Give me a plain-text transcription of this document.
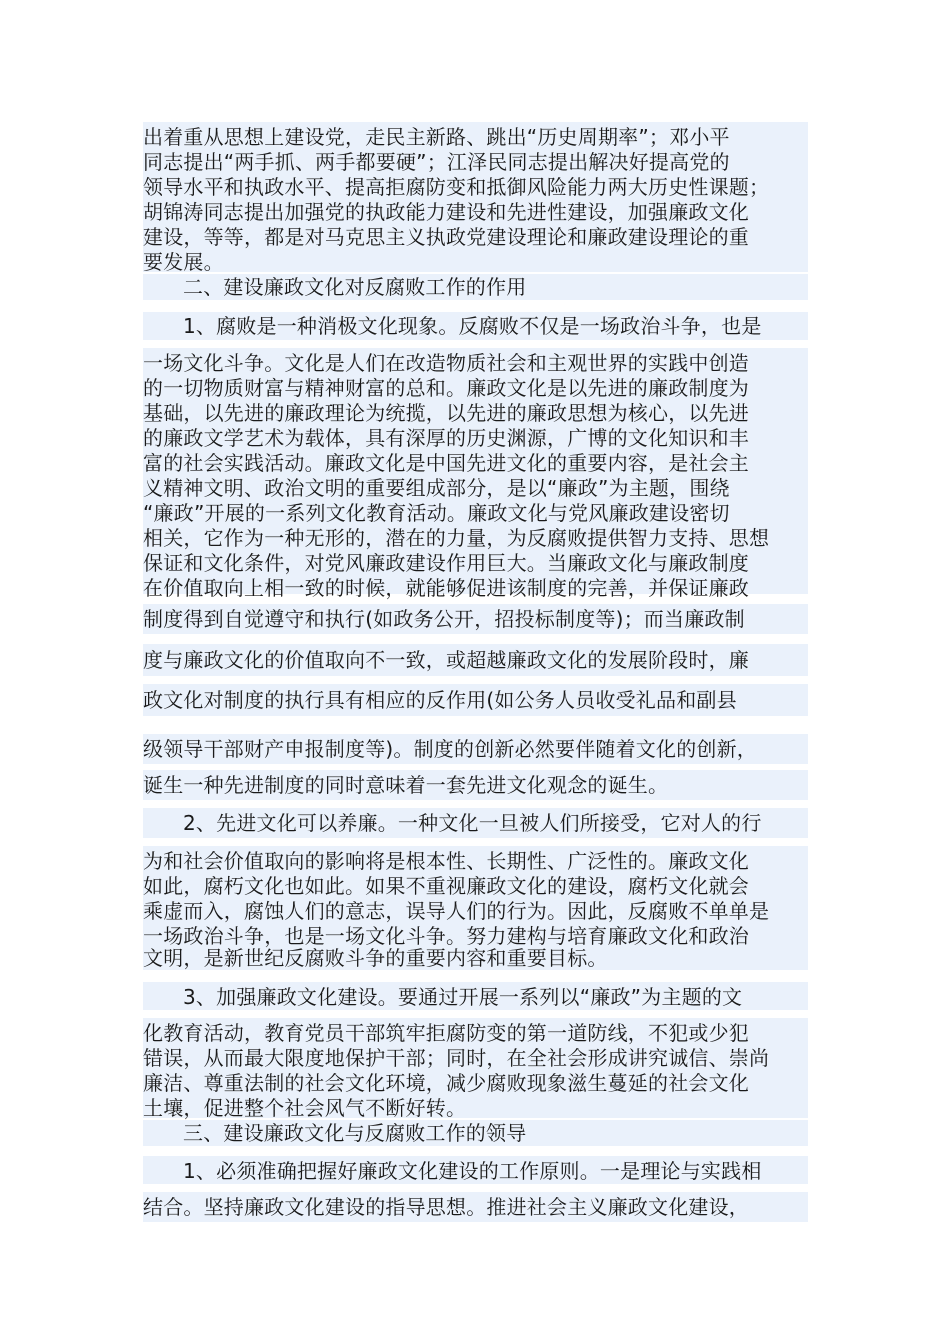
出着重从思想上建设党，走民主新路、跳出“历史周期率”；邓小平
同志提出“两手抓、两手都要硬”；江泽民同志提出解决好提高党的
领导水平和执政水平、提高拒腐防变和抵御风险能力两大历史性课题；
胡锦涛同志提出加强党的执政能力建设和先进性建设，加强廉政文化
建设，等等，都是对马克思主义执政党建设理论和廉政建设理论的重
要发展。
二、建设廉政文化对反腐败工作的作用
1、腐败是一种消极文化现象。反腐败不仅是一场政治斗争，也是
一场文化斗争。文化是人们在改造物质社会和主观世界的实践中创造
的一切物质财富与精神财富的总和。廉政文化是以先进的廉政制度为
基础，以先进的廉政理论为统揽，以先进的廉政思想为核心，以先进
的廉政文学艺术为载体，具有深厚的历史渊源，广博的文化知识和丰
富的社会实践活动。廉政文化是中国先进文化的重要内容，是社会主
义精神文明、政治文明的重要组成部分，是以“廉政”为主题，围绕
“廉政”开展的一系列文化教育活动。廉政文化与党风廉政建设密切
相关，它作为一种无形的，潜在的力量，为反腐败提供智力支持、思想
保证和文化条件，对党风廉政建设作用巨大。当廉政文化与廉政制度
在价值取向上相一致的时候，就能够促进该制度的完善，并保证廉政
制度得到自觉遵守和执行(如政务公开，招投标制度等)；而当廉政制
度与廉政文化的价值取向不一致，或超越廉政文化的发展阶段时，廉
政文化对制度的执行具有相应的反作用(如公务人员收受礼品和副县
级领导干部财产申报制度等)。制度的创新必然要伴随着文化的创新，
诞生一种先进制度的同时意味着一套先进文化观念的诞生。
2、先进文化可以养廉。一种文化一旦被人们所接受，它对人的行
为和社会价值取向的影响将是根本性、长期性、广泛性的。廉政文化
如此，腐朽文化也如此。如果不重视廉政文化的建设，腐朽文化就会
乘虚而入，腐蚀人们的意志，误导人们的行为。因此，反腐败不单单是
一场政治斗争，也是一场文化斗争。努力建构与培育廉政文化和政治
文明，是新世纪反腐败斗争的重要内容和重要目标。
3、加强廉政文化建设。要通过开展一系列以“廉政”为主题的文
化教育活动，教育党员干部筑牢拒腐防变的第一道防线，不犯或少犯
错误，从而最大限度地保护干部；同时，在全社会形成讲究诚信、崇尚
廉洁、尊重法制的社会文化环境，减少腐败现象滋生蔓延的社会文化
土壤，促进整个社会风气不断好转。
三、建设廉政文化与反腐败工作的领导
1、必须准确把握好廉政文化建设的工作原则。一是理论与实践相
结合。坚持廉政文化建设的指导思想。推进社会主义廉政文化建设，
